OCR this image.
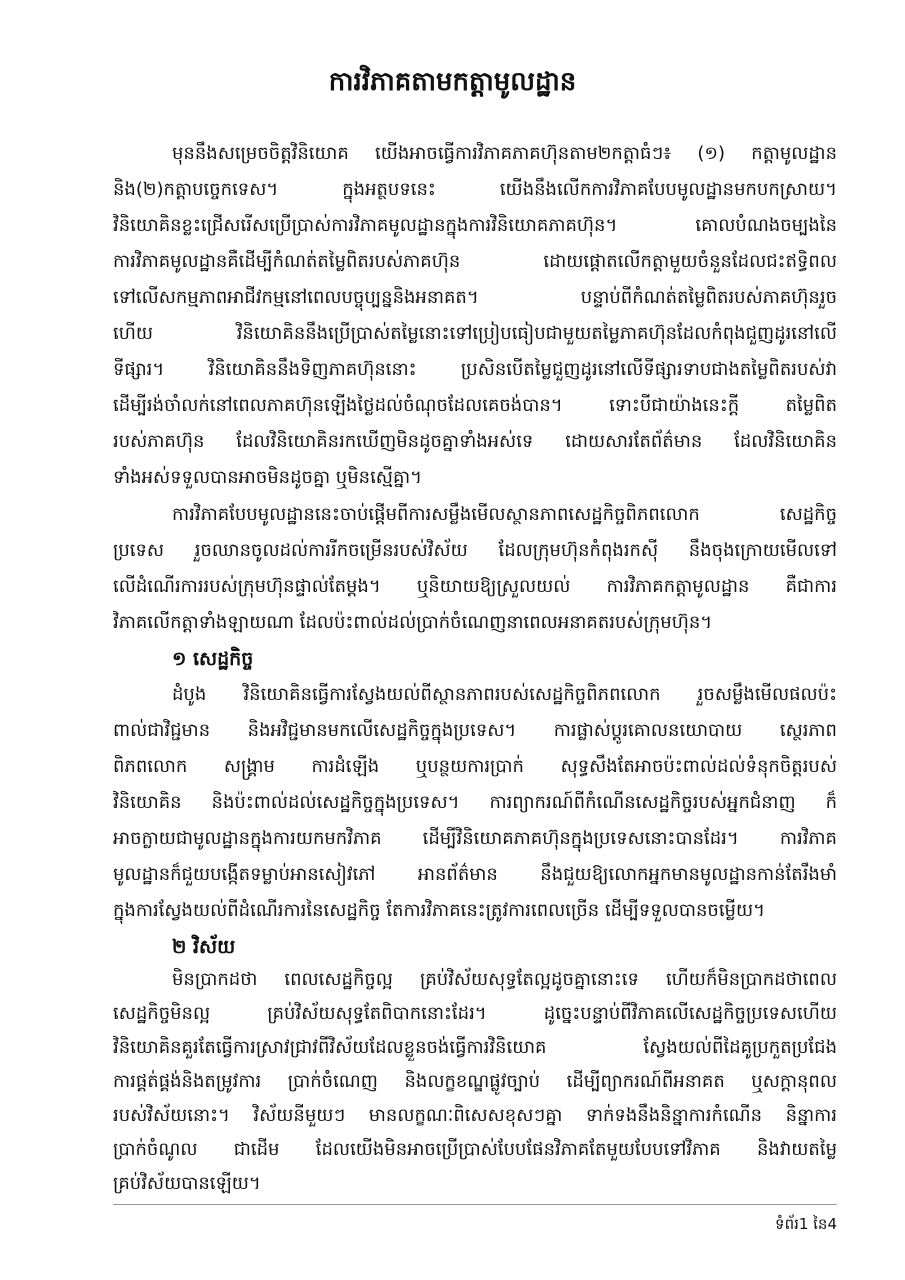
ការវិភាគតាមកត្តាមូលដ្ឋាន
មុននឹងសម្រេចចិត្តវិនិយោគ យើងអាចធ្វើការវិភាគភាគហ៊ុនតាម២កត្តាធំៗ៖ (១) កត្តាមូលដ្ឋាន
និង(២)កត្តាបច្ចេកទេស។ ក្នុងអត្ថបទនេះ យើងនឹងលើកការវិភាគបែបមូលដ្ឋានមកបកស្រាយ។
វិនិយោគិនខ្លះជ្រើសរើសប្រើប្រាស់ការវិភាគមូលដ្ឋានក្នុងការវិនិយោគភាគហ៊ុន។ គោលបំណងចម្បងនៃ
ការវិភាគមូលដ្ឋានគឺដើម្បីកំណត់តម្លៃពិតរបស់ភាគហ៊ុន ដោយផ្តោតលើកត្តាមួយចំនួនដែលជះឥទ្ធិពល
ទៅលើសកម្មភាពអាជីវកម្មនៅពេលបច្ចុប្បន្ននិងអនាគត។ បន្ទាប់ពីកំណត់តម្លៃពិតរបស់ភាគហ៊ុនរួច
ហើយ វិនិយោគិននឹងប្រើប្រាស់តម្លៃនោះទៅប្រៀបធៀបជាមួយតម្លៃភាគហ៊ុនដែលកំពុងជួញដូរនៅលើ
ទីផ្សារ។ វិនិយោគិននឹងទិញភាគហ៊ុននោះ ប្រសិនបើតម្លៃជួញដូរនៅលើទីផ្សារទាបជាងតម្លៃពិតរបស់វា
ដើម្បីរង់ចាំលក់នៅពេលភាគហ៊ុនឡើងថ្លៃដល់ចំណុចដែលគេចង់បាន។ ទោះបីជាយ៉ាងនេះក្តី តម្លៃពិត
របស់ភាគហ៊ុន ដែលវិនិយោគិនរកឃើញមិនដូចគ្នាទាំងអស់ទេ ដោយសារតែព័ត៌មាន ដែលវិនិយោគិន
ទាំងអស់ទទួលបានអាចមិនដូចគ្នា ឬមិនស្មើគ្នា។
ការវិភាគបែបមូលដ្ឋាននេះចាប់ផ្តើមពីការសម្លឹងមើលស្ថានភាពសេដ្ឋកិច្ចពិភពលោក សេដ្ឋកិច្ច
ប្រទេស រួចឈានចូលដល់ការរីកចម្រើនរបស់វិស័យ ដែលក្រុមហ៊ុនកំពុងរកស៊ី នឹងចុងក្រោយមើលទៅ
លើដំណើរការរបស់ក្រុមហ៊ុនផ្ទាល់តែម្តង។ ឬនិយាយឱ្យស្រួលយល់ ការវិភាគកត្តាមូលដ្ឋាន គឺជាការ
វិភាគលើកត្តាទាំងឡាយណា ដែលប៉ះពាល់ដល់ប្រាក់ចំណេញនាពេលអនាគតរបស់ក្រុមហ៊ុន។
១ សេដ្ឋកិច្ច
ដំបូង វិនិយោគិនធ្វើការស្វែងយល់ពីស្ថានភាពរបស់សេដ្ឋកិច្ចពិភពលោក រួចសម្លឹងមើលផលប៉ះ
ពាល់ជាវិជ្ជមាន និងអវិជ្ជមានមកលើសេដ្ឋកិច្ចក្នុងប្រទេស។ ការផ្លាស់ប្តូរគោលនយោបាយ ស្ថេរភាព
ពិភពលោក សង្គ្រាម ការដំឡើង ឬបន្ថយការប្រាក់ សុទ្ធសឹងតែអាចប៉ះពាល់ដល់ទំនុកចិត្តរបស់
វិនិយោគិន និងប៉ះពាល់ដល់សេដ្ឋកិច្ចក្នុងប្រទេស។ ការព្យាករណ៍ពីកំណើនសេដ្ឋកិច្ចរបស់អ្នកជំនាញ ក៏
អាចក្លាយជាមូលដ្ឋានក្នុងការយកមកវិភាគ ដើម្បីវិនិយោគភាគហ៊ុនក្នុងប្រទេសនោះបានដែរ។ ការវិភាគ
មូលដ្ឋានក៏ជួយបង្កើតទម្លាប់អានសៀវភៅ អានព័ត៌មាន នឹងជួយឱ្យលោកអ្នកមានមូលដ្ឋានកាន់តែរឹងមាំ
ក្នុងការស្វែងយល់ពីដំណើរការនៃសេដ្ឋកិច្ច តែការវិភាគនេះត្រូវការពេលច្រើន ដើម្បីទទួលបានចម្លើយ។
២ វិស័យ
មិនប្រាកដថា ពេលសេដ្ឋកិច្ចល្អ គ្រប់វិស័យសុទ្ធតែល្អដូចគ្នានោះទេ ហើយក៏មិនប្រាកដថាពេល
សេដ្ឋកិច្ចមិនល្អ គ្រប់វិស័យសុទ្ធតែពិបាកនោះដែរ។ ដូច្នេះបន្ទាប់ពីវិភាគលើសេដ្ឋកិច្ចប្រទេសហើយ
វិនិយោគិនគួរតែធ្វើការស្រាវជ្រាវពីវិស័យដែលខ្លួនចង់ធ្វើការវិនិយោគ ស្វែងយល់ពីដៃគូប្រកួតប្រជែង
ការផ្គត់ផ្គង់និងតម្រូវការ ប្រាក់ចំណេញ និងលក្ខខណ្ឌផ្លូវច្បាប់ ដើម្បីព្យាករណ៍ពីអនាគត ឬសក្តានុពល
របស់វិស័យនោះ។ វិស័យនីមួយៗ មានលក្ខណៈពិសេសខុសៗគ្នា ទាក់ទងនឹងនិន្នាការកំណើន និន្នាការ
ប្រាក់ចំណូល ជាដើម ដែលយើងមិនអាចប្រើប្រាស់បែបផែនវិភាគតែមួយបែបទៅវិភាគ និងវាយតម្លៃ
ទំព័រ1 នៃ4
គ្រប់វិស័យបានឡើយ។
